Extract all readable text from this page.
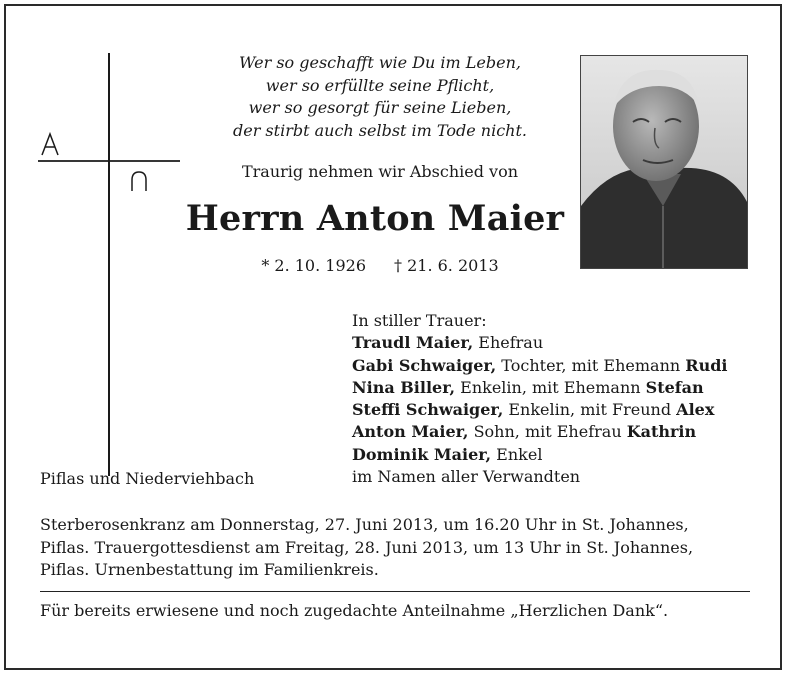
Wer so geschafft wie Du im Leben,
wer so erfüllte seine Pflicht,
wer so gesorgt für seine Lieben,
der stirbt auch selbst im Tode nicht.
Traurig nehmen wir Abschied von
Herrn Anton Maier
* 2. 10. 1926 † 21. 6. 2013
In stiller Trauer:
Traudl Maier, Ehefrau
Gabi Schwaiger, Tochter, mit Ehemann Rudi
Nina Biller, Enkelin, mit Ehemann Stefan
Steffi Schwaiger, Enkelin, mit Freund Alex
Anton Maier, Sohn, mit Ehefrau Kathrin
Dominik Maier, Enkel
im Namen aller Verwandten
Piflas und Niederviehbach
Sterberosenkranz am Donnerstag, 27. Juni 2013, um 16.20 Uhr in St. Johannes,
Piflas. Trauergottesdienst am Freitag, 28. Juni 2013, um 13 Uhr in St. Johannes,
Piflas. Urnenbestattung im Familienkreis.
Für bereits erwiesene und noch zugedachte Anteilnahme „Herzlichen Dank“.
